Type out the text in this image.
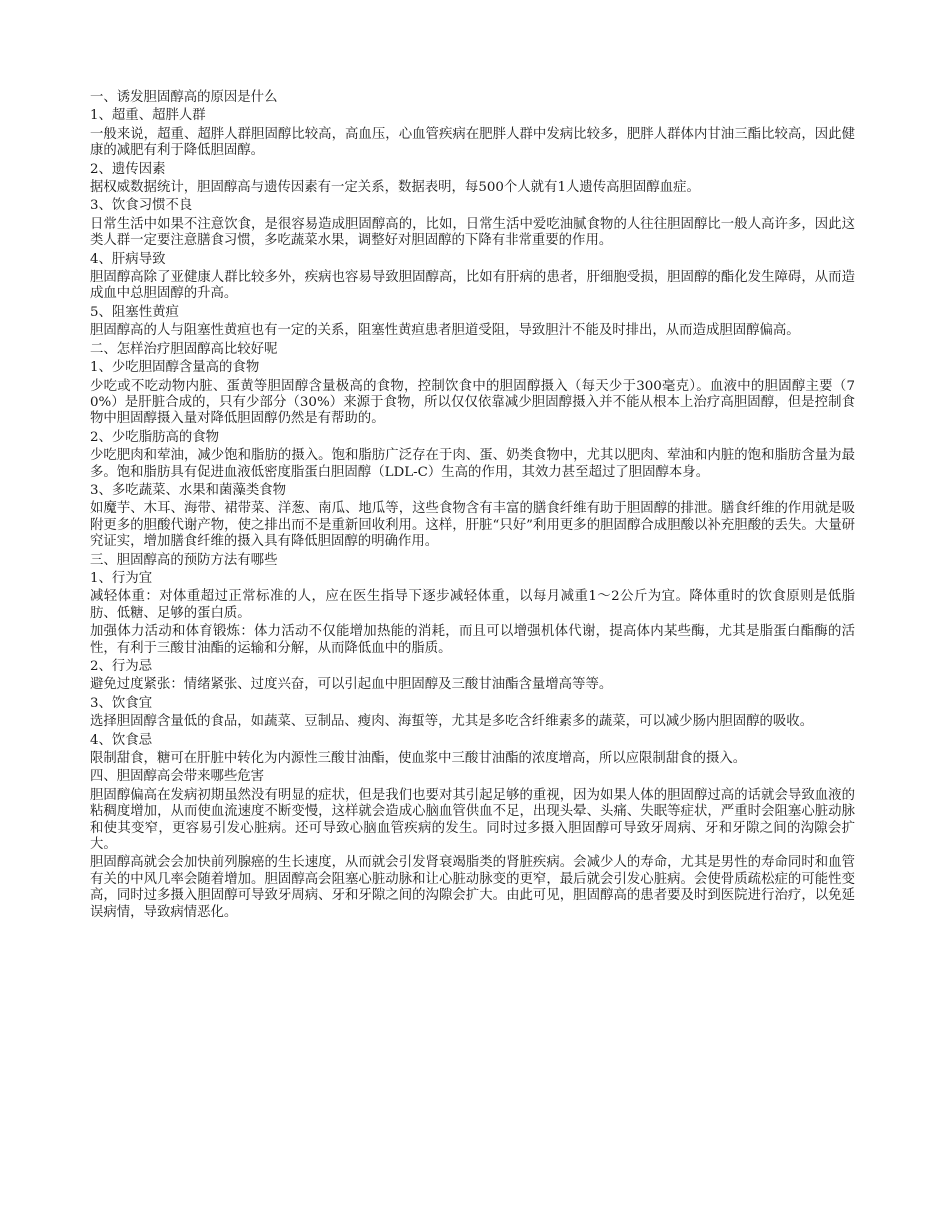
一、诱发胆固醇高的原因是什么
1、超重、超胖人群
一般来说，超重、超胖人群胆固醇比较高，高血压，心血管疾病在肥胖人群中发病比较多，肥胖人群体内甘油三酯比较高，因此健康的减肥有利于降低胆固醇。
2、遗传因素
据权威数据统计，胆固醇高与遗传因素有一定关系，数据表明，每500个人就有1人遗传高胆固醇血症。
3、饮食习惯不良
日常生活中如果不注意饮食，是很容易造成胆固醇高的，比如，日常生活中爱吃油腻食物的人往往胆固醇比一般人高许多，因此这类人群一定要注意膳食习惯，多吃蔬菜水果，调整好对胆固醇的下降有非常重要的作用。
4、肝病导致
胆固醇高除了亚健康人群比较多外，疾病也容易导致胆固醇高，比如有肝病的患者，肝细胞受损，胆固醇的酯化发生障碍，从而造成血中总胆固醇的升高。
5、阻塞性黄疸
胆固醇高的人与阻塞性黄疸也有一定的关系，阻塞性黄疸患者胆道受阻，导致胆汁不能及时排出，从而造成胆固醇偏高。
二、怎样治疗胆固醇高比较好呢
1、少吃胆固醇含量高的食物
少吃或不吃动物内脏、蛋黄等胆固醇含量极高的食物，控制饮食中的胆固醇摄入（每天少于300毫克）。血液中的胆固醇主要（70%）是肝脏合成的，只有少部分（30%）来源于食物，所以仅仅依靠减少胆固醇摄入并不能从根本上治疗高胆固醇，但是控制食物中胆固醇摄入量对降低胆固醇仍然是有帮助的。
2、少吃脂肪高的食物
少吃肥肉和荤油，减少饱和脂肪的摄入。饱和脂肪广泛存在于肉、蛋、奶类食物中，尤其以肥肉、荤油和内脏的饱和脂肪含量为最多。饱和脂肪具有促进血液低密度脂蛋白胆固醇（LDL-C）生高的作用，其效力甚至超过了胆固醇本身。
3、多吃蔬菜、水果和菌藻类食物
如魔芋、木耳、海带、裙带菜、洋葱、南瓜、地瓜等，这些食物含有丰富的膳食纤维有助于胆固醇的排泄。膳食纤维的作用就是吸附更多的胆酸代谢产物，使之排出而不是重新回收利用。这样，肝脏“只好”利用更多的胆固醇合成胆酸以补充胆酸的丢失。大量研究证实，增加膳食纤维的摄入具有降低胆固醇的明确作用。
三、胆固醇高的预防方法有哪些
1、行为宜
减轻体重：对体重超过正常标准的人，应在医生指导下逐步减轻体重，以每月减重1～2公斤为宜。降体重时的饮食原则是低脂肪、低糖、足够的蛋白质。
加强体力活动和体育锻炼：体力活动不仅能增加热能的消耗，而且可以增强机体代谢，提高体内某些酶，尤其是脂蛋白酯酶的活性，有利于三酸甘油酯的运输和分解，从而降低血中的脂质。
2、行为忌
避免过度紧张：情绪紧张、过度兴奋，可以引起血中胆固醇及三酸甘油酯含量增高等等。
3、饮食宜
选择胆固醇含量低的食品，如蔬菜、豆制品、瘦肉、海蜇等，尤其是多吃含纤维素多的蔬菜，可以减少肠内胆固醇的吸收。
4、饮食忌
限制甜食，糖可在肝脏中转化为内源性三酸甘油酯，使血浆中三酸甘油酯的浓度增高，所以应限制甜食的摄入。
四、胆固醇高会带来哪些危害
胆固醇偏高在发病初期虽然没有明显的症状，但是我们也要对其引起足够的重视，因为如果人体的胆固醇过高的话就会导致血液的粘稠度增加，从而使血流速度不断变慢，这样就会造成心脑血管供血不足，出现头晕、头痛、失眠等症状，严重时会阻塞心脏动脉和使其变窄，更容易引发心脏病。还可导致心脑血管疾病的发生。同时过多摄入胆固醇可导致牙周病、牙和牙隙之间的沟隙会扩大。
胆固醇高就会会加快前列腺癌的生长速度，从而就会引发肾衰竭脂类的肾脏疾病。会减少人的寿命，尤其是男性的寿命同时和血管有关的中风几率会随着增加。胆固醇高会阻塞心脏动脉和让心脏动脉变的更窄，最后就会引发心脏病。会使骨质疏松症的可能性变高，同时过多摄入胆固醇可导致牙周病、牙和牙隙之间的沟隙会扩大。由此可见，胆固醇高的患者要及时到医院进行治疗，以免延误病情，导致病情恶化。
